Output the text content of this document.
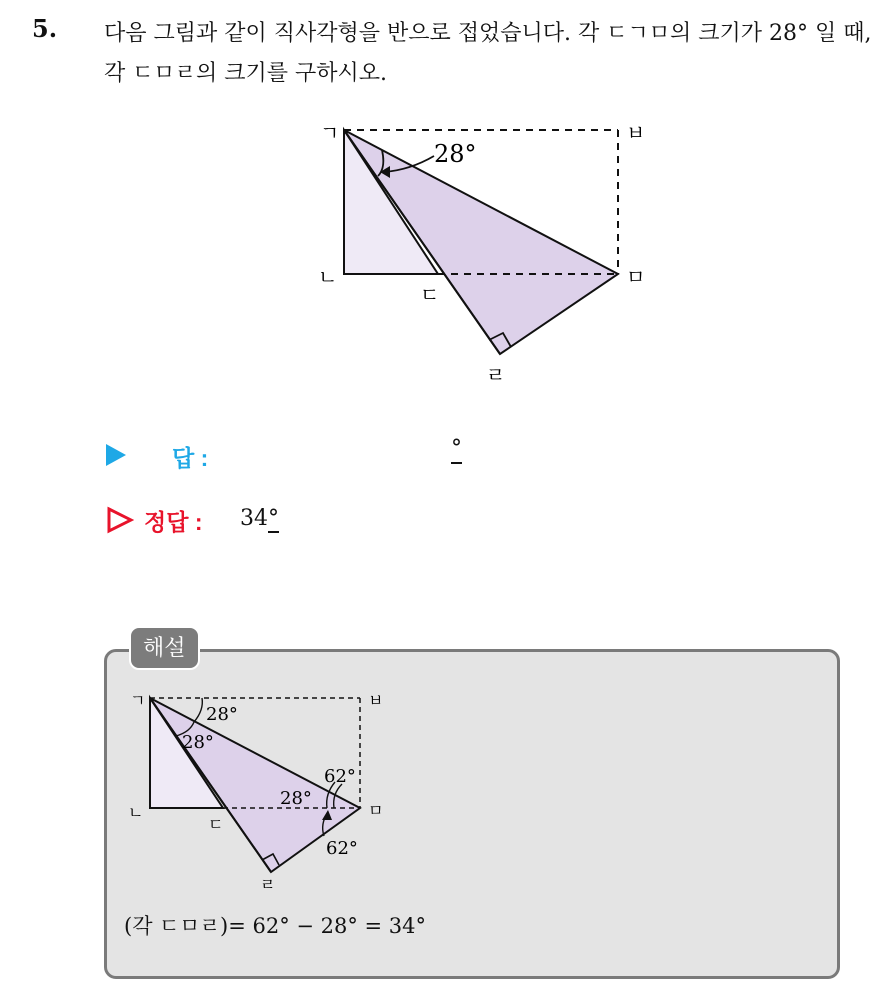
5. 다음 그림과 같이 직사각형을 반으로 접었습니다. 각 ㄷㄱㅁ의 크기가 28° 일 때, 각 ㄷㅁㄹ의 크기를 구하시오.
28°
ㄱ	ㅂ
ㄴ	ㅁ
ㄷ
ㄹ
답 :	°
정답 : 34°
해설
28°
28°
62°
28°
62°
ㄱ	ㅂ
ㄴ	ㅁ
ㄷ
ㄹ
(각 ㄷㅁㄹ)= 62° − 28° = 34°
